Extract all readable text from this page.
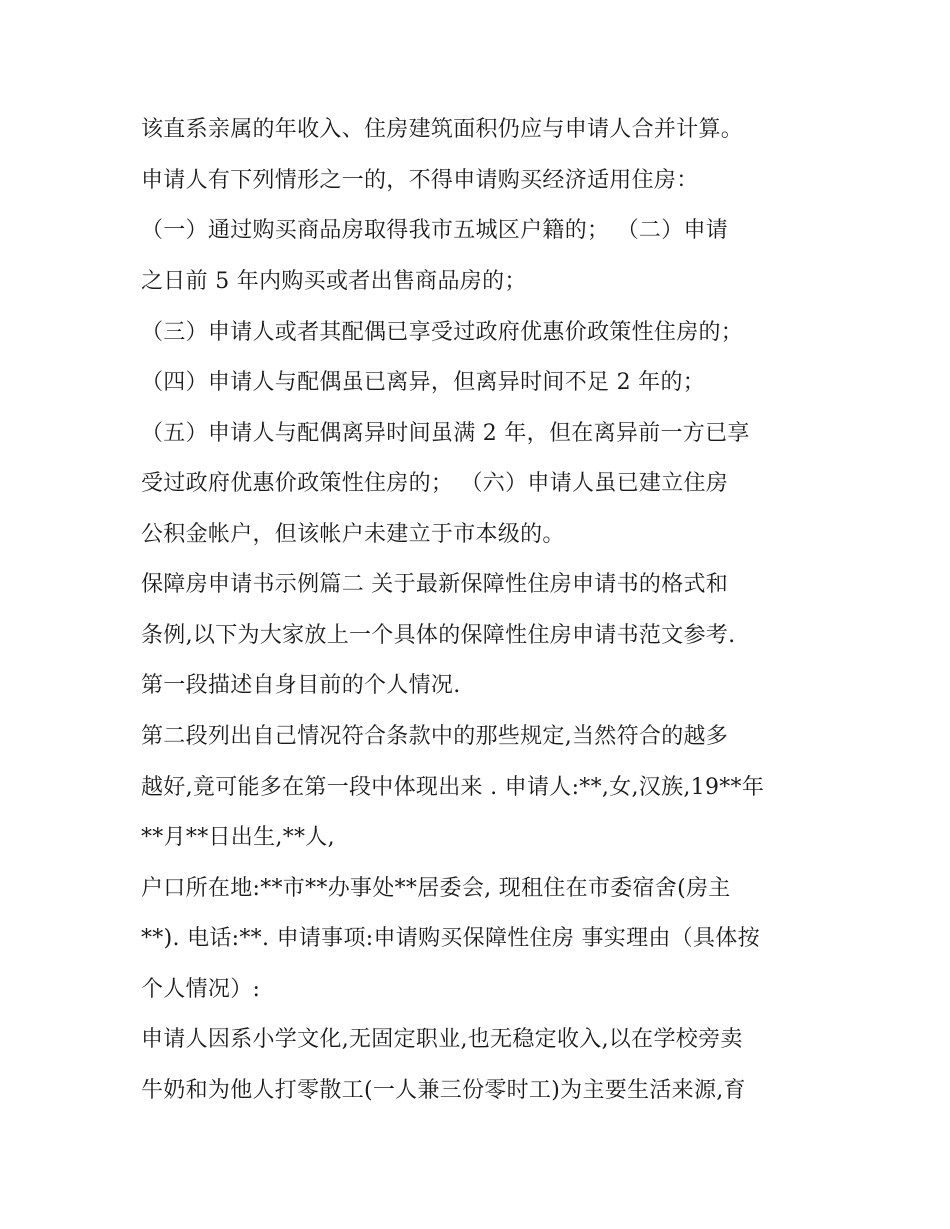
该直系亲属的年收入、住房建筑面积仍应与申请人合并计算。
申请人有下列情形之一的，不得申请购买经济适用住房：
（一）通过购买商品房取得我市五城区户籍的； （二）申请
之日前 5 年内购买或者出售商品房的；
（三）申请人或者其配偶已享受过政府优惠价政策性住房的；
（四）申请人与配偶虽已离异，但离异时间不足 2 年的；
（五）申请人与配偶离异时间虽满 2 年，但在离异前一方已享
受过政府优惠价政策性住房的； （六）申请人虽已建立住房
公积金帐户，但该帐户未建立于市本级的。
保障房申请书示例篇二 关于最新保障性住房申请书的格式和
条例,以下为大家放上一个具体的保障性住房申请书范文参考.
第一段描述自身目前的个人情况.
第二段列出自己情况符合条款中的那些规定,当然符合的越多
越好,竟可能多在第一段中体现出来 . 申请人:**,女,汉族,19**年
**月**日出生,**人,
户口所在地:**市**办事处**居委会, 现租住在市委宿舍(房主
**). 电话:**. 申请事项:申请购买保障性住房 事实理由（具体按
个人情况）:
申请人因系小学文化,无固定职业,也无稳定收入,以在学校旁卖
牛奶和为他人打零散工(一人兼三份零时工)为主要生活来源,育
